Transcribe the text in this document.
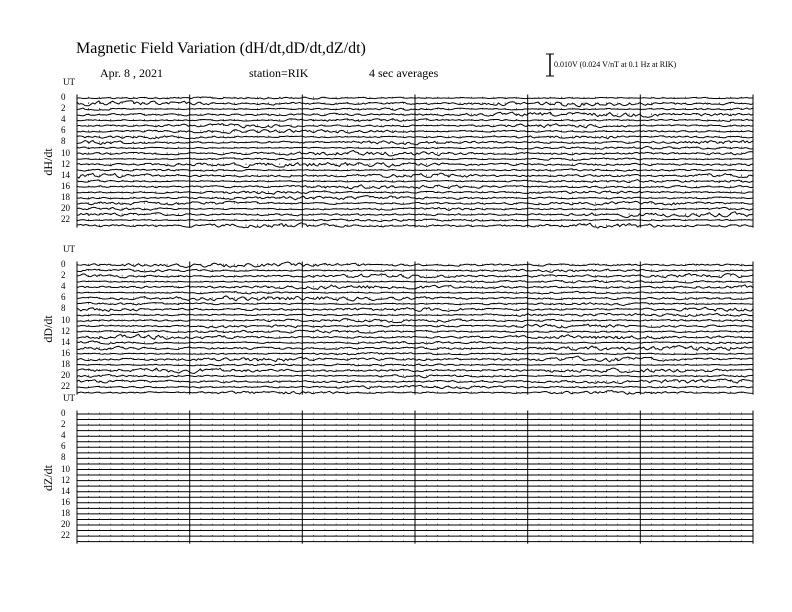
Magnetic Field Variation (dH/dt,dD/dt,dZ/dt)
Apr. 8 , 2021	station=RIK	4 sec averages
0.010V (0.024 V/nT at 0.1 Hz at RIK)
UT
dH/dt
0
2
4
6
8
10
12
14
16
18
20
22
UT
dD/dt
0
2
4
6
8
10
12
14
16
18
20
22
UT
dZ/dt
0
2
4
6
8
10
12
14
16
18
20
22
